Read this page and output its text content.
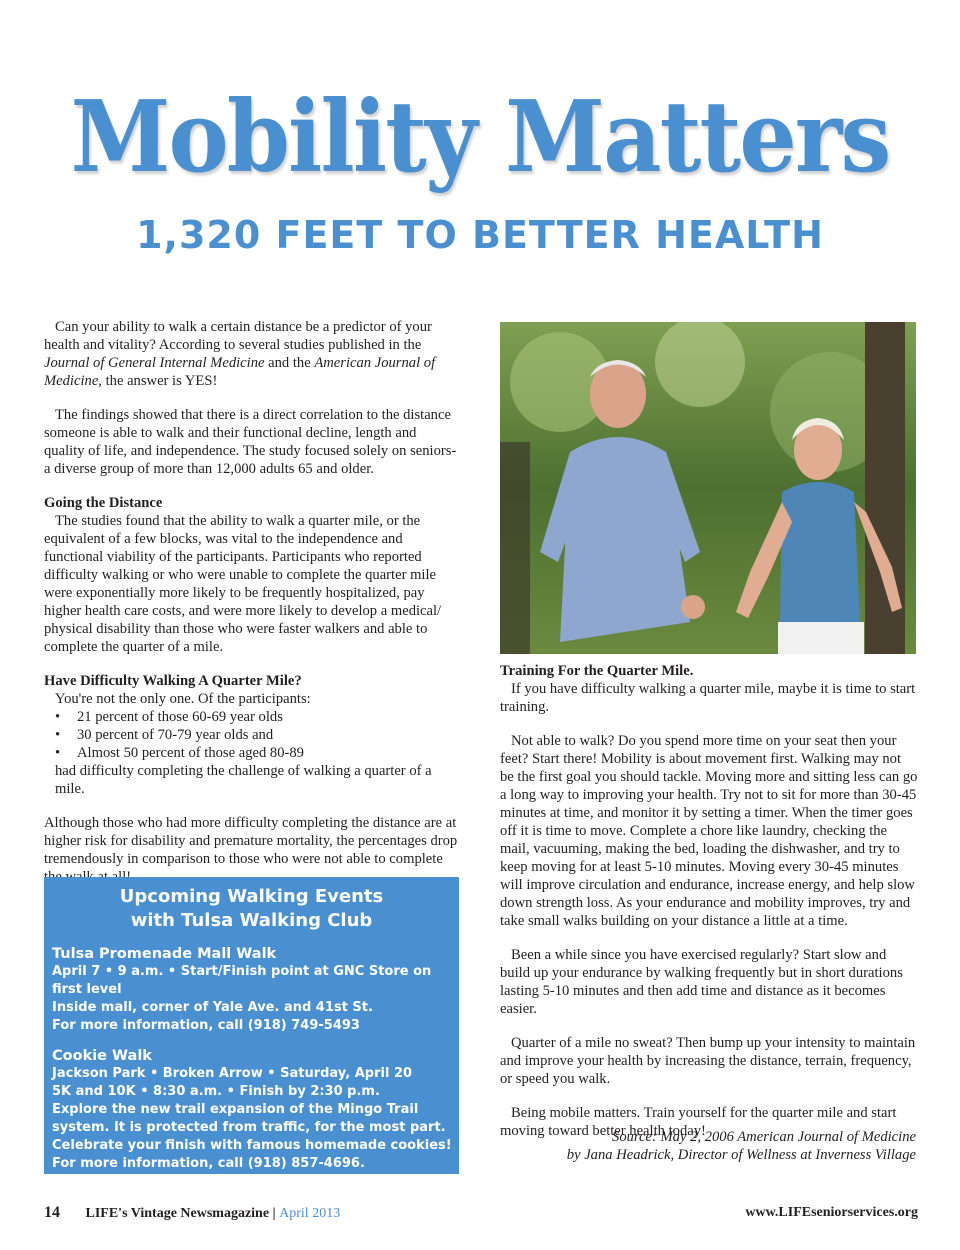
Mobility Matters
1,320 FEET TO BETTER HEALTH

Can your ability to walk a certain distance be a predictor of your health and vitality? According to several studies published in the Journal of General Internal Medicine and the American Journal of Medicine, the answer is YES!

The findings showed that there is a direct correlation to the distance someone is able to walk and their functional decline, length and quality of life, and independence. The study focused solely on seniors-a diverse group of more than 12,000 adults 65 and older.

Going the Distance

The studies found that the ability to walk a quarter mile, or the equivalent of a few blocks, was vital to the independence and functional viability of the participants. Participants who reported difficulty walking or who were unable to complete the quarter mile were exponentially more likely to be frequently hospitalized, pay higher health care costs, and were more likely to develop a medical/ physical disability than those who were faster walkers and able to complete the quarter of a mile.

Have Difficulty Walking A Quarter Mile?
You're not the only one. Of the participants:
• 21 percent of those 60-69 year olds
• 30 percent of 70-79 year olds and
• Almost 50 percent of those aged 80-89
had difficulty completing the challenge of walking a quarter of a mile.

Although those who had more difficulty completing the distance are at higher risk for disability and premature mortality, the percentages drop tremendously in comparison to those who were not able to complete

Training For the Quarter Mile.

If you have difficulty walking a quarter mile, maybe it is time to start training.

Not able to walk? Do you spend more time on your seat then your feet? Start there! Mobility is about movement first. Walking may not be the first goal you should tackle. Moving more and sitting less can go a long way to improving your health. Try not to sit for more than 30-45 minutes at time, and monitor it by setting a timer. When the timer goes off it is time to move. Complete a chore like laundry, checking the mail, vacuuming, making the bed, loading the dishwasher, and try to keep moving for at least 5-10 minutes. Moving every 30-45 minutes will improve circulation and endurance, increase energy, and help slow down strength loss. As your endurance and mobility improves, try and take small walks building on your distance a little at a time.

Been a while since you have exercised regularly? Start slow and build up your endurance by walking frequently but in short durations lasting 5-10 minutes and then add time and distance as it becomes easier.

Quarter of a mile no sweat? Then bump up your intensity to maintain and improve your health by increasing the distance, terrain, frequency, or speed you walk.

Being mobile matters. Train yourself for the quarter mile and start moving toward better health today!

Source: May 2, 2006 American Journal of Medicine
by Jana Headrick, Director of Wellness at Inverness Village
Upcoming Walking Events
with Tulsa Walking Club
Tulsa Promenade Mall Walk
April 7 • 9 a.m. • Start/Finish point at GNC Store on first level
Inside mall, corner of Yale Ave. and 41st St.
For more information, call (918) 749-5493
Cookie Walk
Jackson Park • Broken Arrow • Saturday, April 20
5K and 10K • 8:30 a.m. • Finish by 2:30 p.m.
Explore the new trail expansion of the Mingo Trail system. It is protected from traffic, for the most part. Celebrate your finish with famous homemade cookies! For more information, call (918) 857-4696.
14 LIFE's Vintage Newsmagazine | April 2013	www.LIFEseniorservices.org
